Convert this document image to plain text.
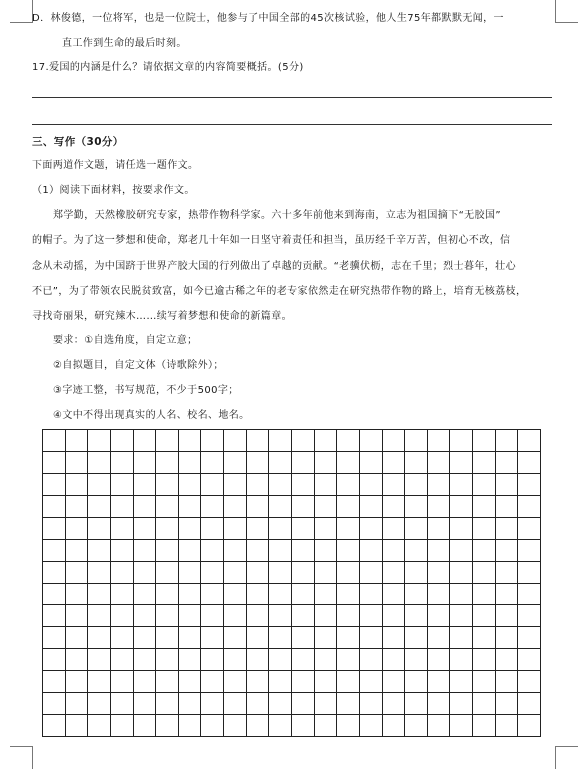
D．林俊德，一位将军，也是一位院士，他参与了中国全部的45次核试验，他人生75年都默默无闻，一
直工作到生命的最后时刻。
17.爱国的内涵是什么？请依据文章的内容简要概括。(5分)
三、写作（30分）
下面两道作文题，请任选一题作文。
（1）阅读下面材料，按要求作文。
郑学勤，天然橡胶研究专家，热带作物科学家。六十多年前他来到海南，立志为祖国摘下“无胶国”
的帽子。为了这一梦想和使命，郑老几十年如一日坚守着责任和担当，虽历经千辛万苦，但初心不改，信
念从未动摇，为中国跻于世界产胶大国的行列做出了卓越的贡献。“老骥伏枥，志在千里；烈士暮年，壮心
不已”，为了带领农民脱贫致富，如今已逾古稀之年的老专家依然走在研究热带作物的路上，培育无核荔枝，
寻找奇丽果，研究辣木……续写着梦想和使命的新篇章。
要求：①自选角度，自定立意；
②自拟题目，自定文体（诗歌除外）；
③字迹工整，书写规范，不少于500字；
④文中不得出现真实的人名、校名、地名。
